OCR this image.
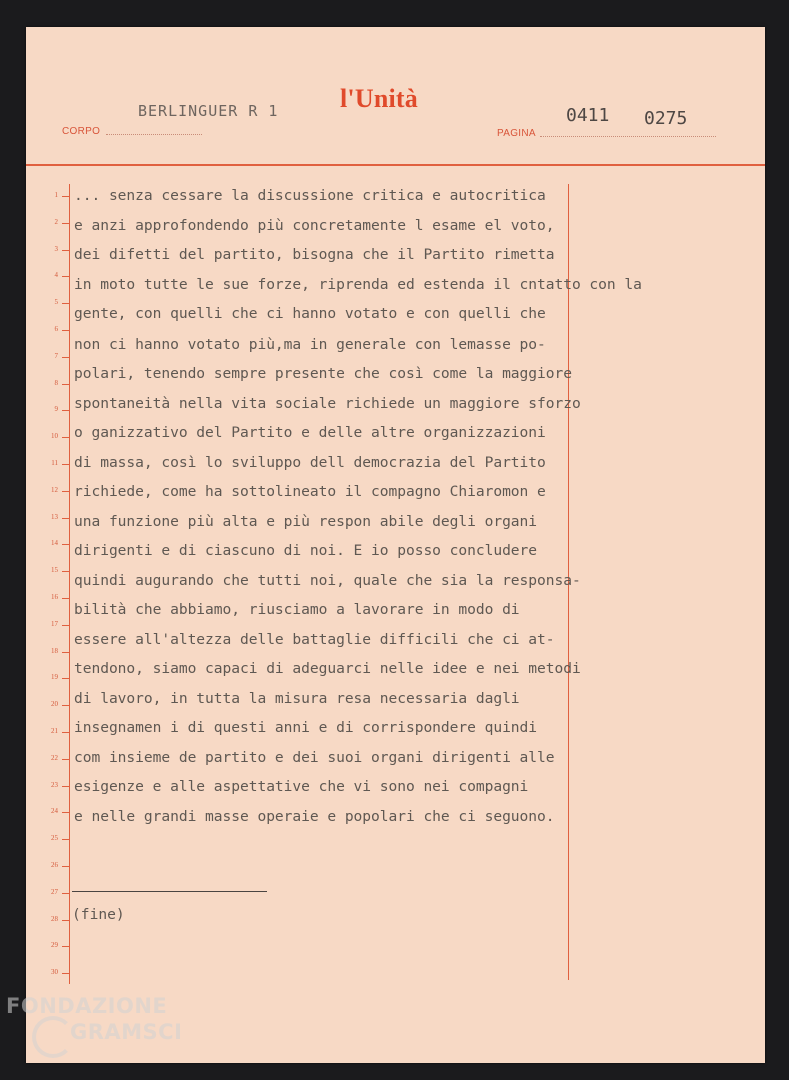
CORPO
BERLINGUER R 1 l'Unità
PAGINA
0411 0275
1
2
3
4
5
6
7
8
9
10
11
12
13
14
15
16
17
18
19
20
21
22
23
24
25
26
27
28
29
30
... senza cessare la discussione critica e autocritica
e anzi approfondendo più concretamente l esame el voto,
dei difetti del partito, bisogna che il Partito rimetta
in moto tutte le sue forze, riprenda ed estenda il cntatto con la
gente, con quelli che ci hanno votato e con quelli che
non ci hanno votato più,ma in generale con lemasse po-
polari, tenendo sempre presente che così come la maggiore
spontaneità nella vita sociale richiede un maggiore sforzo
o ganizzativo del Partito e delle altre organizzazioni
di massa, così lo sviluppo dell democrazia del Partito
richiede, come ha sottolineato il compagno Chiaromon e
una funzione più alta e più respon abile degli organi
dirigenti e di ciascuno di noi. E io posso concludere
quindi augurando che tutti noi, quale che sia la responsa-
bilità che abbiamo, riusciamo a lavorare in modo di
essere all'altezza delle battaglie difficili che ci at-
tendono, siamo capaci di adeguarci nelle idee e nei metodi
di lavoro, in tutta la misura resa necessaria dagli
insegnamen i di questi anni e di corrispondere quindi
com insieme de partito e dei suoi organi dirigenti alle
esigenze e alle aspettative che vi sono nei compagni
e nelle grandi masse operaie e popolari che ci seguono.
(fine)
FONDAZIONE
GRAMSCI
